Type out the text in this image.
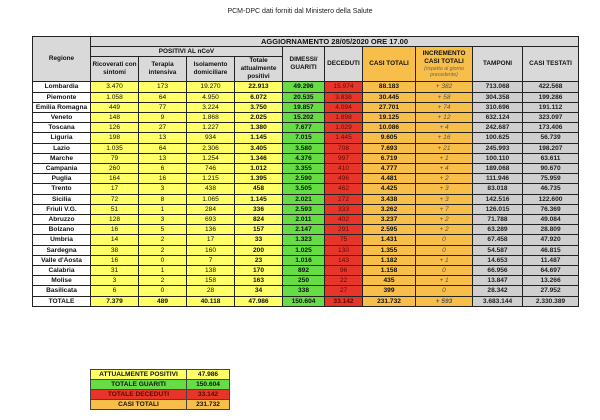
PCM-DPC dati forniti dal Ministero della Salute
Regione	AGGIORNAMENTO 28/05/2020 ORE 17.00									
	POSITIVI AL nCoV				DIMESSI/ GUARITI	DECEDUTI	CASI TOTALI	INCREMENTO CASI TOTALI
(rispetto al giorno precedente)	TAMPONI	CASI TESTATI
	Ricoverati con sintomi	Terapia intensiva	Isolamento domiciliare	Totale attualmente positivi						
Lombardia	3.470	173	19.270	22.913	49.296	15.974	88.183	+ 382	713.068	422.568
Piemonte	1.058	64	4.950	6.072	20.535	3.838	30.445	+ 58	304.358	199.286
Emilia Romagna	449	77	3.224	3.750	19.857	4.094	27.701	+ 74	310.696	191.112
Veneto	148	9	1.868	2.025	15.202	1.898	19.125	+ 12	632.124	323.097
Toscana	126	27	1.227	1.380	7.677	1.029	10.086	+ 4	242.687	173.406
Liguria	198	13	934	1.145	7.015	1.445	9.605	+ 16	100.625	56.739
Lazio	1.035	64	2.306	3.405	3.580	708	7.693	+ 21	245.993	198.207
Marche	79	13	1.254	1.346	4.376	997	6.719	+ 1	100.110	63.611
Campania	260	6	746	1.012	3.355	410	4.777	+ 4	189.068	90.670
Puglia	164	16	1.215	1.395	2.590	496	4.481	+ 2	111.946	75.959
Trento	17	3	438	458	3.505	462	4.425	+ 3	83.018	46.735
Sicilia	72	8	1.065	1.145	2.021	272	3.438	+ 3	142.516	122.600
Friuli V.G.	51	1	284	336	2.593	333	3.262	+ 7	126.015	76.369
Abruzzo	128	3	693	824	2.011	402	3.237	+ 2	71.788	49.084
Bolzano	16	5	136	157	2.147	291	2.595	+ 2	63.289	28.809
Umbria	14	2	17	33	1.323	75	1.431	0	67.458	47.920
Sardegna	38	2	160	200	1.025	130	1.355	0	54.587	46.815
Valle d'Aosta	16	0	7	23	1.016	143	1.182	+ 1	14.653	11.487
Calabria	31	1	138	170	892	96	1.158	0	66.956	64.697
Molise	3	2	158	163	250	22	435	+ 1	13.847	13.266
Basilicata	6	0	28	34	338	27	399	0	28.342	27.952
TOTALE	7.379	489	40.118	47.986	150.604	33.142	231.732	+ 593	3.683.144	2.330.389
ATTUALMENTE POSITIVI	47.986
TOTALE GUARITI	150.604
TOTALE DECEDUTI	33.142
CASI TOTALI	231.732
